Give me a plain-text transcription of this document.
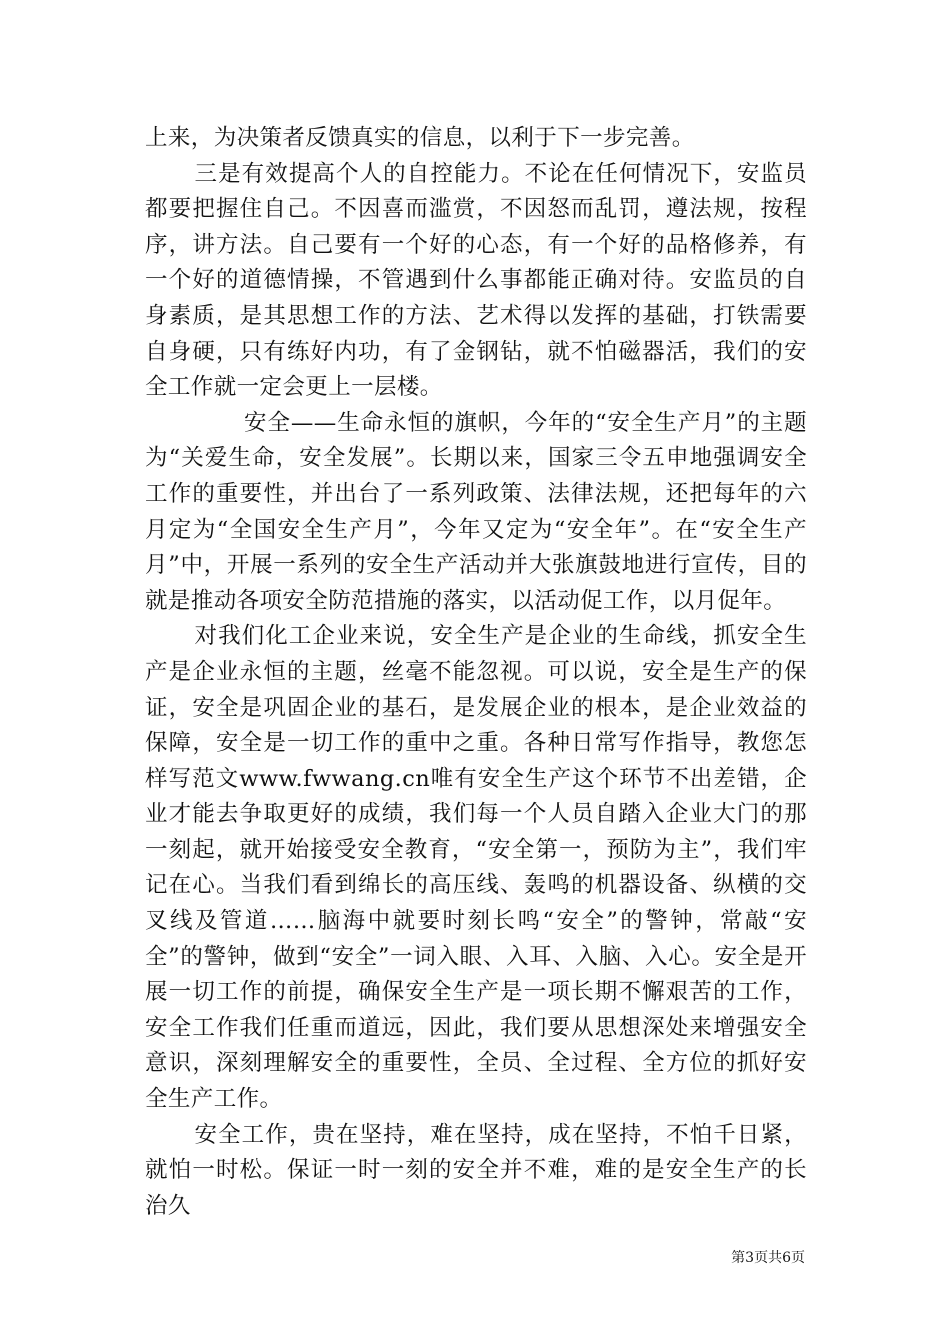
上来，为决策者反馈真实的信息，以利于下一步完善。

三是有效提高个人的自控能力。不论在任何情况下，安监员都要把握住自己。不因喜而滥赏，不因怒而乱罚，遵法规，按程序，讲方法。自己要有一个好的心态，有一个好的品格修养，有一个好的道德情操，不管遇到什么事都能正确对待。安监员的自身素质，是其思想工作的方法、艺术得以发挥的基础，打铁需要自身硬，只有练好内功，有了金钢钻，就不怕磁器活，我们的安全工作就一定会更上一层楼。

安全——生命永恒的旗帜，今年的“安全生产月”的主题为“关爱生命，安全发展”。长期以来，国家三令五申地强调安全工作的重要性，并出台了一系列政策、法律法规，还把每年的六月定为“全国安全生产月”，今年又定为“安全年”。在“安全生产月”中，开展一系列的安全生产活动并大张旗鼓地进行宣传，目的就是推动各项安全防范措施的落实，以活动促工作，以月促年。

对我们化工企业来说，安全生产是企业的生命线，抓安全生产是企业永恒的主题，丝毫不能忽视。可以说，安全是生产的保证，安全是巩固企业的基石，是发展企业的根本，是企业效益的保障，安全是一切工作的重中之重。各种日常写作指导，教您怎样写范文www.fwwang.cn唯有安全生产这个环节不出差错，企业才能去争取更好的成绩，我们每一个人员自踏入企业大门的那一刻起，就开始接受安全教育，“安全第一，预防为主”，我们牢记在心。当我们看到绵长的高压线、轰鸣的机器设备、纵横的交叉线及管道……脑海中就要时刻长鸣“安全”的警钟，常敲“安全”的警钟，做到“安全”一词入眼、入耳、入脑、入心。安全是开展一切工作的前提，确保安全生产是一项长期不懈艰苦的工作，安全工作我们任重而道远，因此，我们要从思想深处来增强安全意识，深刻理解安全的重要性，全员、全过程、全方位的抓好安全生产工作。

安全工作，贵在坚持，难在坚持，成在坚持，不怕千日紧，就怕一时松。保证一时一刻的安全并不难，难的是安全生产的长治久

第3页共6页
